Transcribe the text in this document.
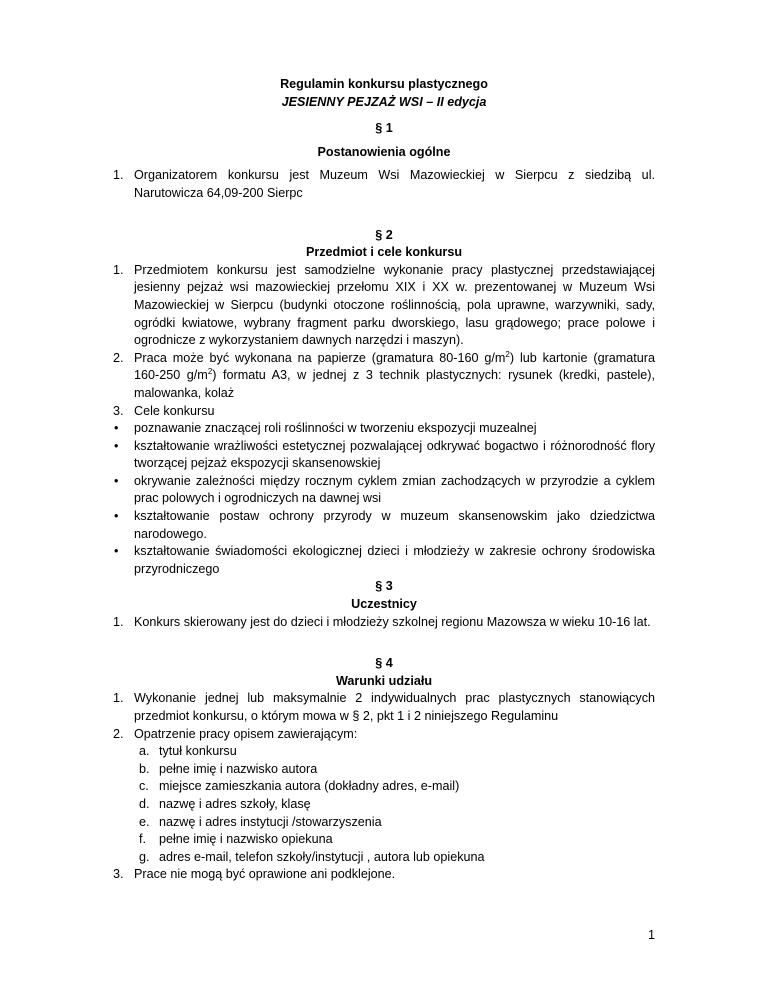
Regulamin konkursu plastycznego
JESIENNY PEJZAŻ WSI – II edycja
§ 1
Postanowienia ogólne
1. Organizatorem konkursu jest Muzeum Wsi Mazowieckiej w Sierpcu z siedzibą ul. Narutowicza 64,09-200 Sierpc
§ 2
Przedmiot i cele konkursu
1. Przedmiotem konkursu jest samodzielne wykonanie pracy plastycznej przedstawiającej jesienny pejzaż wsi mazowieckiej przełomu XIX i XX w. prezentowanej w Muzeum Wsi Mazowieckiej w Sierpcu (budynki otoczone roślinnością, pola uprawne, warzywniki, sady, ogródki kwiatowe, wybrany fragment parku dworskiego, lasu grądowego; prace polowe i ogrodnicze z wykorzystaniem dawnych narzędzi i maszyn).
2. Praca może być wykonana na papierze (gramatura 80-160 $g/m^2$) lub kartonie (gramatura 160-250 $g/m^2$) formatu A3, w jednej z 3 technik plastycznych: rysunek (kredki, pastele), malowanka, kolaż
3. Cele konkursu
• poznawanie znaczącej roli roślinności w tworzeniu ekspozycji muzealnej
• kształtowanie wrażliwości estetycznej pozwalającej odkrywać bogactwo i różnorodność flory tworzącej pejzaż ekspozycji skansenowskiej
• okrywanie zależności między rocznym cyklem zmian zachodzących w przyrodzie a cyklem prac polowych i ogrodniczych na dawnej wsi
• kształtowanie postaw ochrony przyrody w muzeum skansenowskim jako dziedzictwa narodowego.
• kształtowanie świadomości ekologicznej dzieci i młodzieży w zakresie ochrony środowiska przyrodniczego
§ 3
Uczestnicy
1. Konkurs skierowany jest do dzieci i młodzieży szkolnej regionu Mazowsza w wieku 10-16 lat.
§ 4
Warunki udziału
1. Wykonanie jednej lub maksymalnie 2 indywidualnych prac plastycznych stanowiących przedmiot konkursu, o którym mowa w § 2, pkt 1 i 2 niniejszego Regulaminu
2. Opatrzenie pracy opisem zawierającym:
a. tytuł konkursu
b. pełne imię i nazwisko autora
c. miejsce zamieszkania autora (dokładny adres, e-mail)
d. nazwę i adres szkoły, klasę
e. nazwę i adres instytucji /stowarzyszenia
f. pełne imię i nazwisko opiekuna
g. adres e-mail, telefon szkoły/instytucji , autora lub opiekuna
3. Prace nie mogą być oprawione ani podklejone.
1
